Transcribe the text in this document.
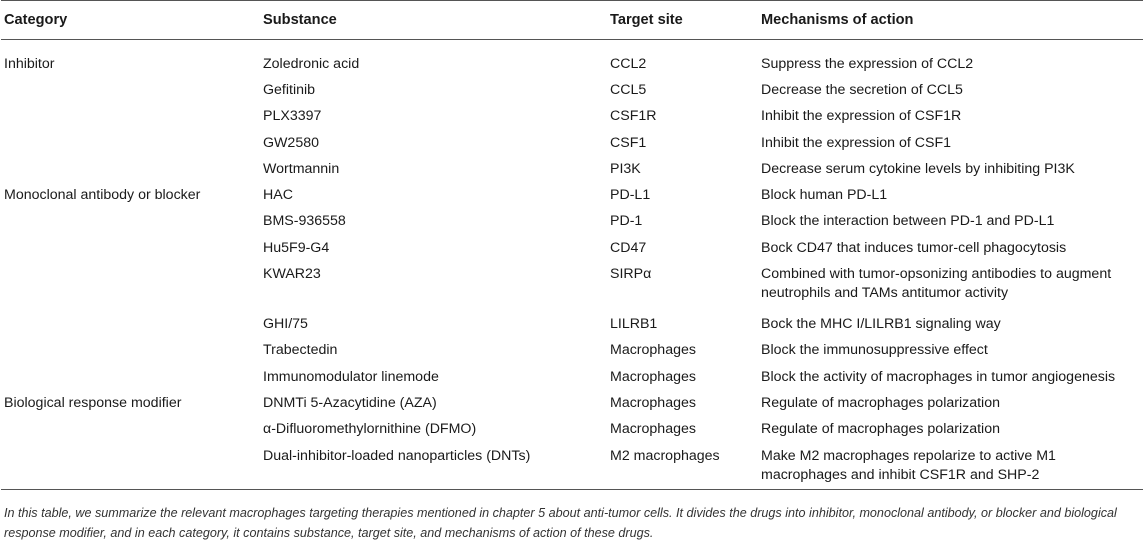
Category	Substance	Target site	Mechanisms of action
Inhibitor	Zoledronic acid	CCL2	Suppress the expression of CCL2
	Gefitinib	CCL5	Decrease the secretion of CCL5
	PLX3397	CSF1R	Inhibit the expression of CSF1R
	GW2580	CSF1	Inhibit the expression of CSF1
	Wortmannin	PI3K	Decrease serum cytokine levels by inhibiting PI3K
Monoclonal antibody or blocker	HAC	PD-L1	Block human PD-L1
	BMS-936558	PD-1	Block the interaction between PD-1 and PD-L1
	Hu5F9-G4	CD47	Bock CD47 that induces tumor-cell phagocytosis
	KWAR23	SIRPα	Combined with tumor-opsonizing antibodies to augment neutrophils and TAMs antitumor activity
	GHI/75	LILRB1	Bock the MHC I/LILRB1 signaling way
	Trabectedin	Macrophages	Block the immunosuppressive effect
	Immunomodulator linemode	Macrophages	Block the activity of macrophages in tumor angiogenesis
Biological response modifier	DNMTi 5-Azacytidine (AZA)	Macrophages	Regulate of macrophages polarization
	α-Difluoromethylornithine (DFMO)	Macrophages	Regulate of macrophages polarization
	Dual-inhibitor-loaded nanoparticles (DNTs)	M2 macrophages	Make M2 macrophages repolarize to active M1 macrophages and inhibit CSF1R and SHP-2
In this table, we summarize the relevant macrophages targeting therapies mentioned in chapter 5 about anti-tumor cells. It divides the drugs into inhibitor, monoclonal antibody, or blocker and biological response modifier, and in each category, it contains substance, target site, and mechanisms of action of these drugs.
